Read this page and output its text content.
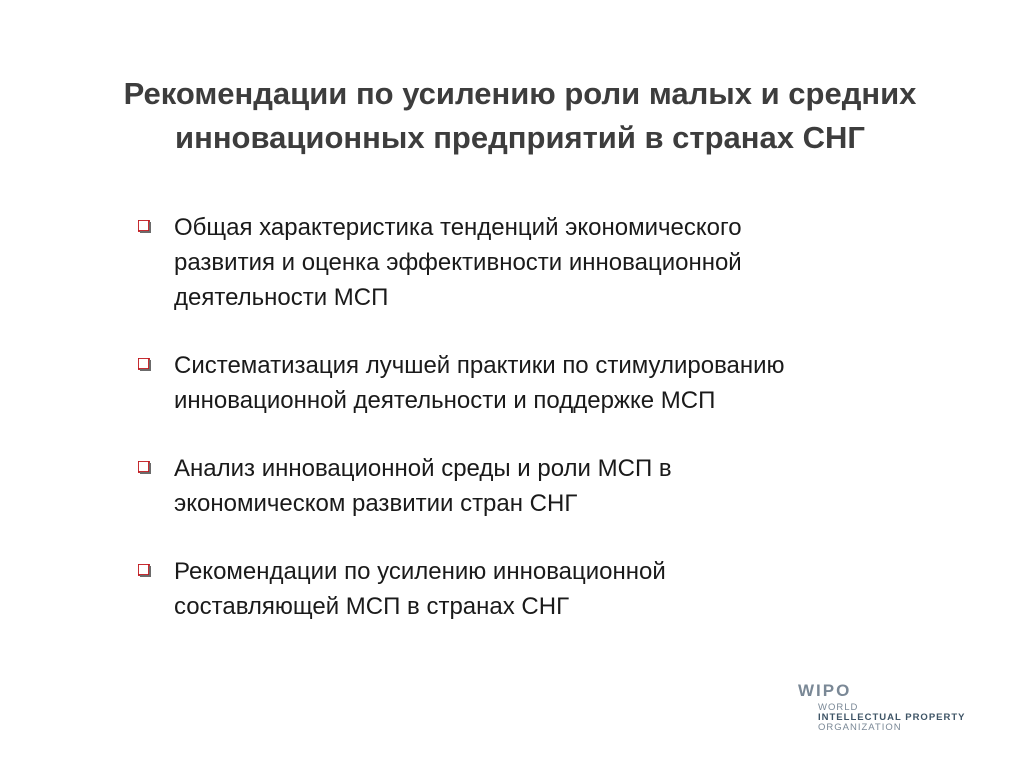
Рекомендации по усилению роли малых и средних
инновационных предприятий в странах СНГ
Общая характеристика тенденций экономического
развития и оценка эффективности инновационной
деятельности МСП
Систематизация лучшей практики по стимулированию
инновационной деятельности и поддержке МСП
Анализ инновационной среды и роли МСП в
экономическом развитии стран СНГ
Рекомендации по усилению инновационной
составляющей МСП в странах СНГ
WIPO
WORLD
INTELLECTUAL PROPERTY
ORGANIZATION
